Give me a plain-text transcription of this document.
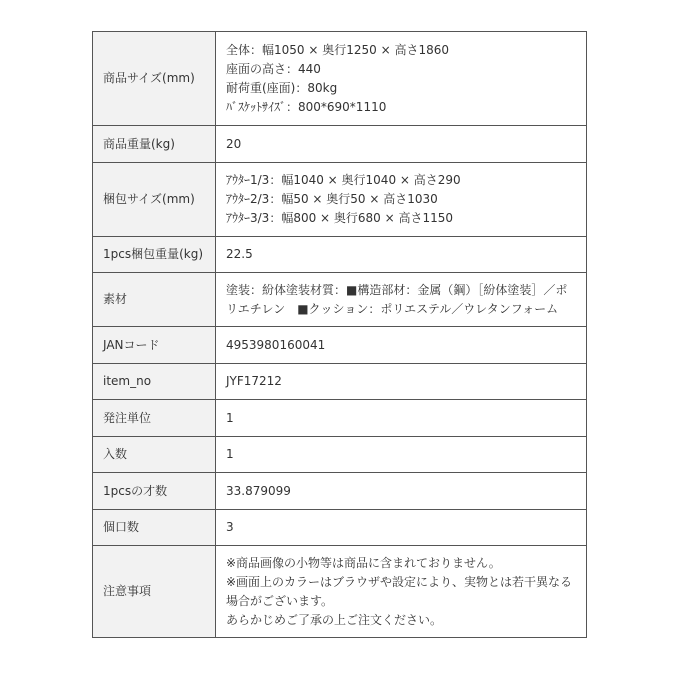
商品サイズ(mm)	全体：幅1050 × 奥行1250 × 高さ1860
座面の高さ：440
耐荷重(座面)：80kg
ﾊﾞｽｹｯﾄｻｲｽﾞ：800*690*1110

商品重量(kg)	20

梱包サイズ(mm)	ｱｳﾀｰ1/3：幅1040 × 奥行1040 × 高さ290
ｱｳﾀｰ2/3：幅50 × 奥行50 × 高さ1030
ｱｳﾀｰ3/3：幅800 × 奥行680 × 高さ1150

1pcs梱包重量(kg)	22.5

素材	塗装：紛体塗装材質：■構造部材：金属（鋼）［紛体塗装］／ポ
リエチレン　■クッション：ポリエステル／ウレタンフォーム

JANコード	4953980160041

item_no	JYF17212

発注単位	1

入数	1

1pcsの才数	33.879099

個口数	3

注意事項	※商品画像の小物等は商品に含まれておりません。
※画面上のカラーはブラウザや設定により、実物とは若干異なる
場合がございます。
あらかじめご了承の上ご注文ください。
